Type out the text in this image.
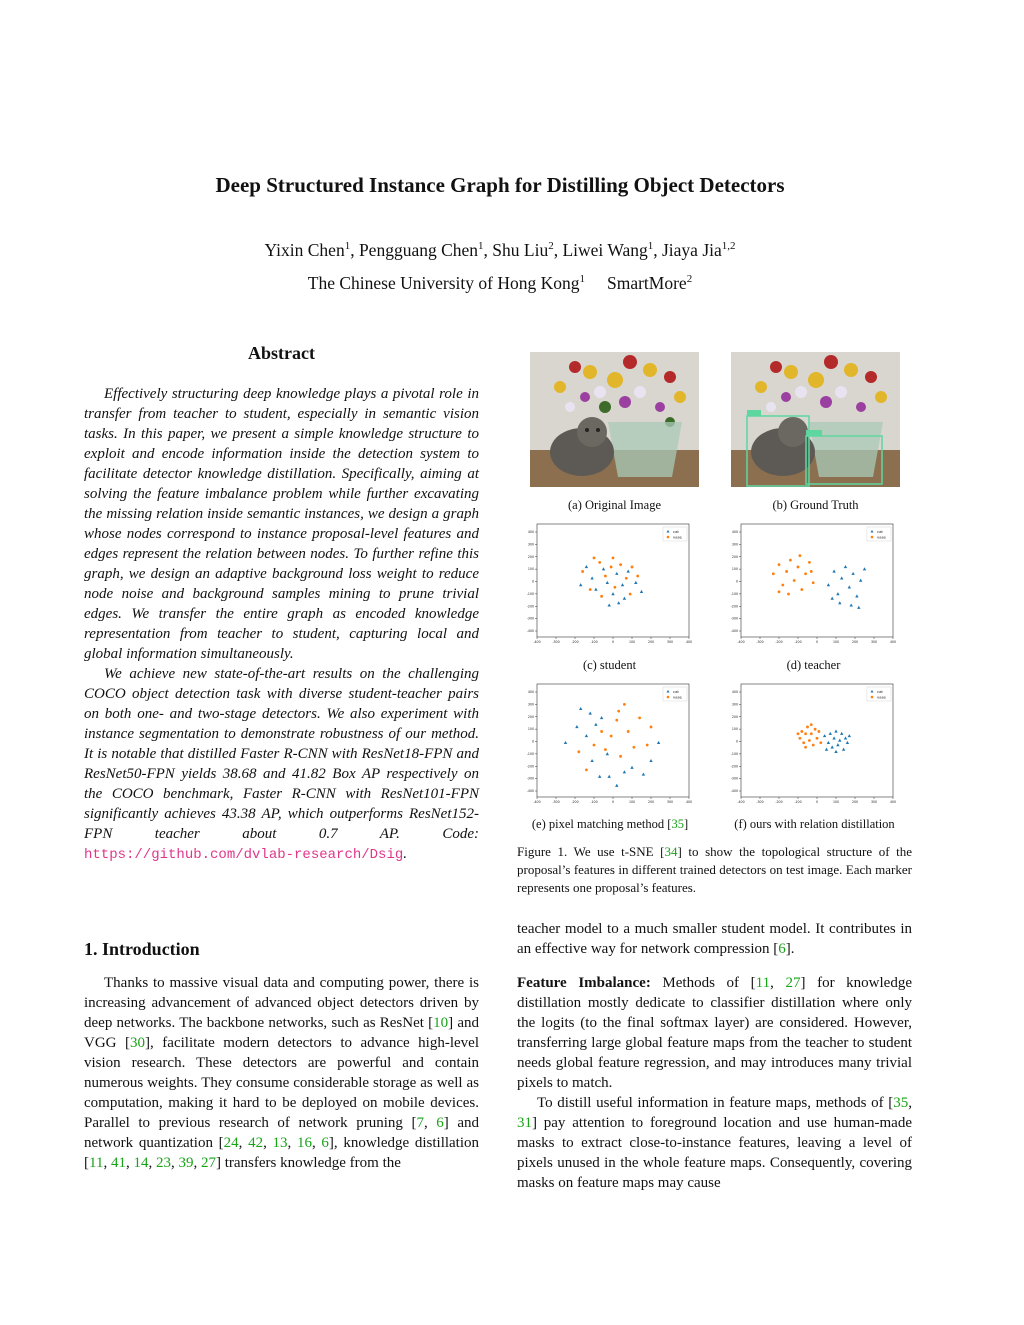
Deep Structured Instance Graph for Distilling Object Detectors
Yixin Chen$^1$, Pengguang Chen$^1$, Shu Liu$^2$, Liwei Wang$^1$, Jiaya Jia$^{1,2}$
The Chinese University of Hong Kong$^1$ SmartMore$^2$
Abstract

Effectively structuring deep knowledge plays a pivotal role in transfer from teacher to student, especially in semantic vision tasks. In this paper, we present a simple knowledge structure to exploit and encode information inside the detection system to facilitate detector knowledge distillation. Specifically, aiming at solving the feature imbalance problem while further excavating the missing relation inside semantic instances, we design a graph whose nodes correspond to instance proposal-level features and edges represent the relation between nodes. To further refine this graph, we design an adaptive background loss weight to reduce node noise and background samples mining to prune trivial edges. We transfer the entire graph as encoded knowledge representation from teacher to student, capturing local and global information simultaneously.

We achieve new state-of-the-art results on the challenging COCO object detection task with diverse student-teacher pairs on both one- and two-stage detectors. We also experiment with instance segmentation to demonstrate robustness of our method. It is notable that distilled Faster R-CNN with ResNet18-FPN and ResNet50-FPN yields 38.68 and 41.82 Box AP respectively on the COCO benchmark, Faster R-CNN with ResNet101-FPN significantly achieves 43.38 AP, which outperforms ResNet152-FPN teacher about 0.7 AP. Code: https://github.com/dvlab-research/Dsig.

1. Introduction

Thanks to massive visual data and computing power, there is increasing advancement of advanced object detectors driven by deep networks. The backbone networks, such as ResNet [10] and VGG [30], facilitate modern detectors to advance high-level vision research. These detectors are powerful and contain numerous weights. They consume considerable storage as well as computation, making it hard to be deployed on mobile devices. Parallel to previous research of network pruning [7, 6] and network quantization [24, 42, 13, 16, 6], knowledge distillation [11, 41, 14, 23, 39, 27] transfers knowledge from the

(a) Original Image	(b) Ground Truth
-400	-300	-200	-100	0	100	200	300	400
400
300
200
100
0
-100
-200
-300
-400
cat
vase
-400	-300	-200	-100	0	100	200	300	400
400
300
200
100
0
-100
-200
-300
-400
cat
vase
-400	-300	-200	-100	0	100	200	300	400
400
300
200
100
0
-100
-200
-300
-400
cat
vase
-400	-300	-200	-100	0	100	200	300	400
400
300
200
100
0
-100
-200
-300
-400
cat
vase
(c) student	(d) teacher
(e) pixel matching method [35]	(f) ours with relation distillation
Figure 1. We use t-SNE [34] to show the topological structure of the proposal’s features in different trained detectors on test image. Each marker represents one proposal’s features.

teacher model to a much smaller student model. It contributes in an effective way for network compression [6].

Feature Imbalance: Methods of [11, 27] for knowledge distillation mostly dedicate to classifier distillation where only the logits (to the final softmax layer) are considered. However, transferring large global feature maps from the teacher to student needs global feature regression, and may introduces many trivial pixels to match.

To distill useful information in feature maps, methods of [35, 31] pay attention to foreground location and use human-made masks to extract close-to-instance features, leaving a level of pixels unused in the whole feature maps. Consequently, covering masks on feature maps may cause
